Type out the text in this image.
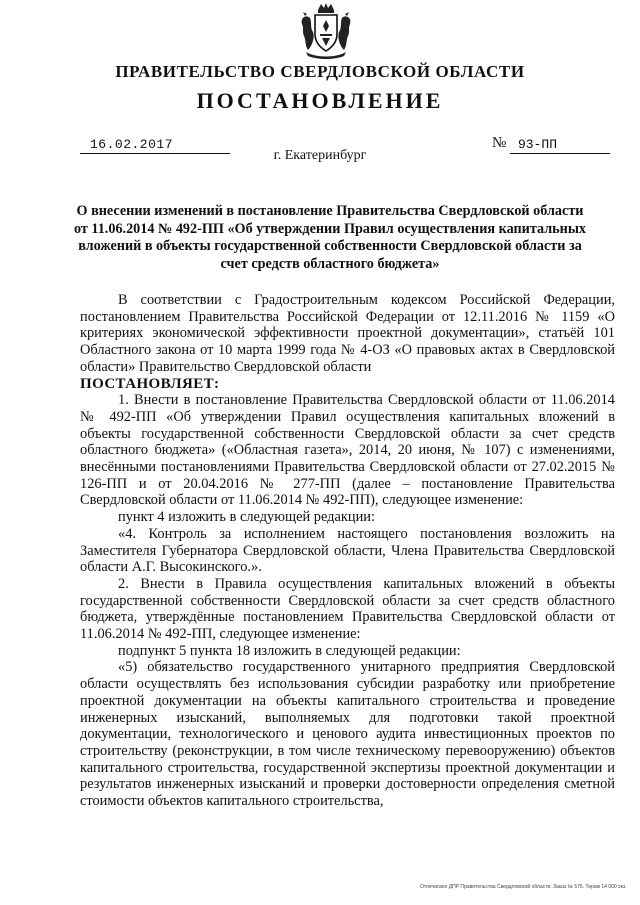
ПРАВИТЕЛЬСТВО СВЕРДЛОВСКОЙ ОБЛАСТИ
ПОСТАНОВЛЕНИЕ
16.02.2017	№ 93-ПП
г. Екатеринбург
О внесении изменений в постановление Правительства Свердловской области от 11.06.2014 № 492-ПП «Об утверждении Правил осуществления капитальных вложений в объекты государственной собственности Свердловской области за счет средств областного бюджета»

В соответствии с Градостроительным кодексом Российской Федерации, постановлением Правительства Российской Федерации от 12.11.2016 № 1159 «О критериях экономической эффективности проектной документации», статьёй 101 Областного закона от 10 марта 1999 года № 4-ОЗ «О правовых актах в Свердловской области» Правительство Свердловской области

ПОСТАНОВЛЯЕТ:

1. Внести в постановление Правительства Свердловской области от 11.06.2014 № 492-ПП «Об утверждении Правил осуществления капитальных вложений в объекты государственной собственности Свердловской области за счет средств областного бюджета» («Областная газета», 2014, 20 июня, № 107) с изменениями, внесёнными постановлениями Правительства Свердловской области от 27.02.2015 № 126-ПП и от 20.04.2016 № 277-ПП (далее – постановление Правительства Свердловской области от 11.06.2014 № 492-ПП), следующее изменение:

пункт 4 изложить в следующей редакции:

«4. Контроль за исполнением настоящего постановления возложить на Заместителя Губернатора Свердловской области, Члена Правительства Свердловской области А.Г. Высокинского.».

2. Внести в Правила осуществления капитальных вложений в объекты государственной собственности Свердловской области за счет средств областного бюджета, утверждённые постановлением Правительства Свердловской области от 11.06.2014 № 492-ПП, следующее изменение:

подпункт 5 пункта 18 изложить в следующей редакции:

«5) обязательство государственного унитарного предприятия Свердловской области осуществлять без использования субсидии разработку или приобретение проектной документации на объекты капитального строительства и проведение инженерных изысканий, выполняемых для подготовки такой проектной документации, технологического и ценового аудита инвестиционных проектов по строительству (реконструкции, в том числе техническому перевооружению) объектов капитального строительства, государственной экспертизы проектной документации и результатов инженерных изысканий и проверки достоверности определения сметной стоимости объектов капитального строительства,

Отпечатано ДПР Правительства Свердловской области. Заказ № 575. Тираж 14 000 экз.
